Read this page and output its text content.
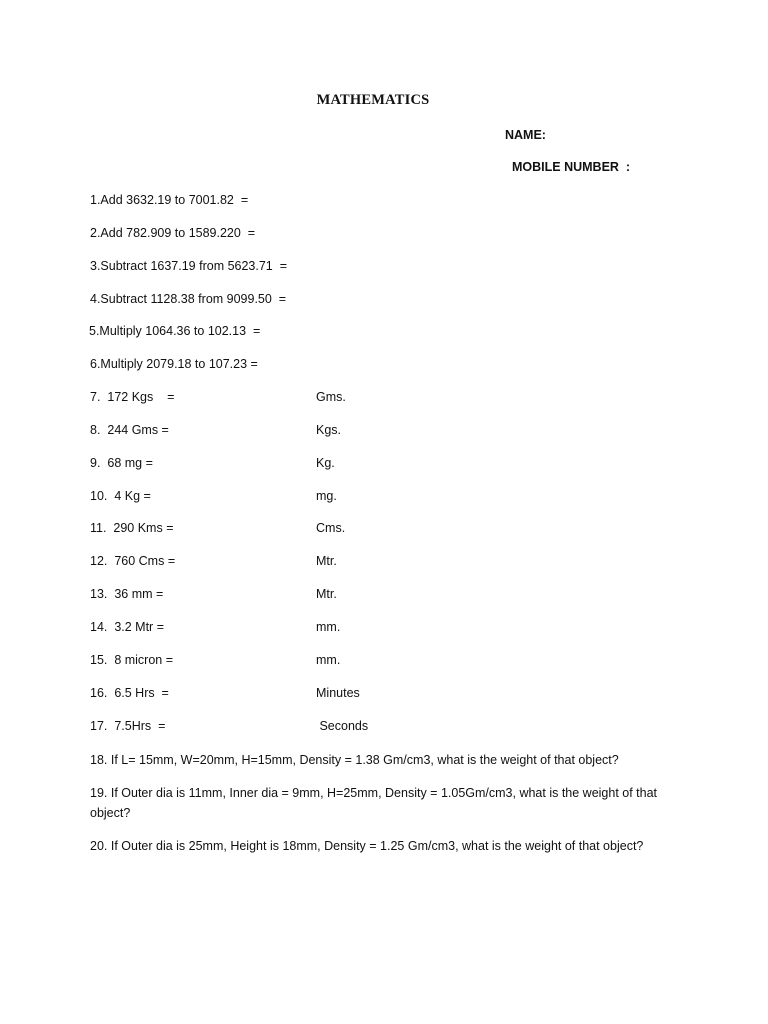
MATHEMATICS
NAME:
MOBILE NUMBER  :
1.Add 3632.19 to 7001.82  =
2.Add 782.909 to 1589.220  =
3.Subtract 1637.19 from 5623.71  =
4.Subtract 1128.38 from 9099.50  =
5.Multiply 1064.36 to 102.13  =
6.Multiply 2079.18 to 107.23 =
7.  172 Kgs    =	Gms.
8.  244 Gms =	Kgs.
9.  68 mg =	Kg.
10.  4 Kg =	mg.
11.  290 Kms =	Cms.
12.  760 Cms =	Mtr.
13.  36 mm =	Mtr.
14.  3.2 Mtr =	mm.
15.  8 micron =	mm.
16.  6.5 Hrs  =	Minutes
17.  7.5Hrs  =	Seconds
18. If L= 15mm, W=20mm, H=15mm, Density = 1.38 Gm/cm3, what is the weight of that object?
19. If Outer dia is 11mm, Inner dia = 9mm, H=25mm, Density = 1.05Gm/cm3, what is the weight of that object?
20. If Outer dia is 25mm, Height is 18mm, Density = 1.25 Gm/cm3, what is the weight of that object?
